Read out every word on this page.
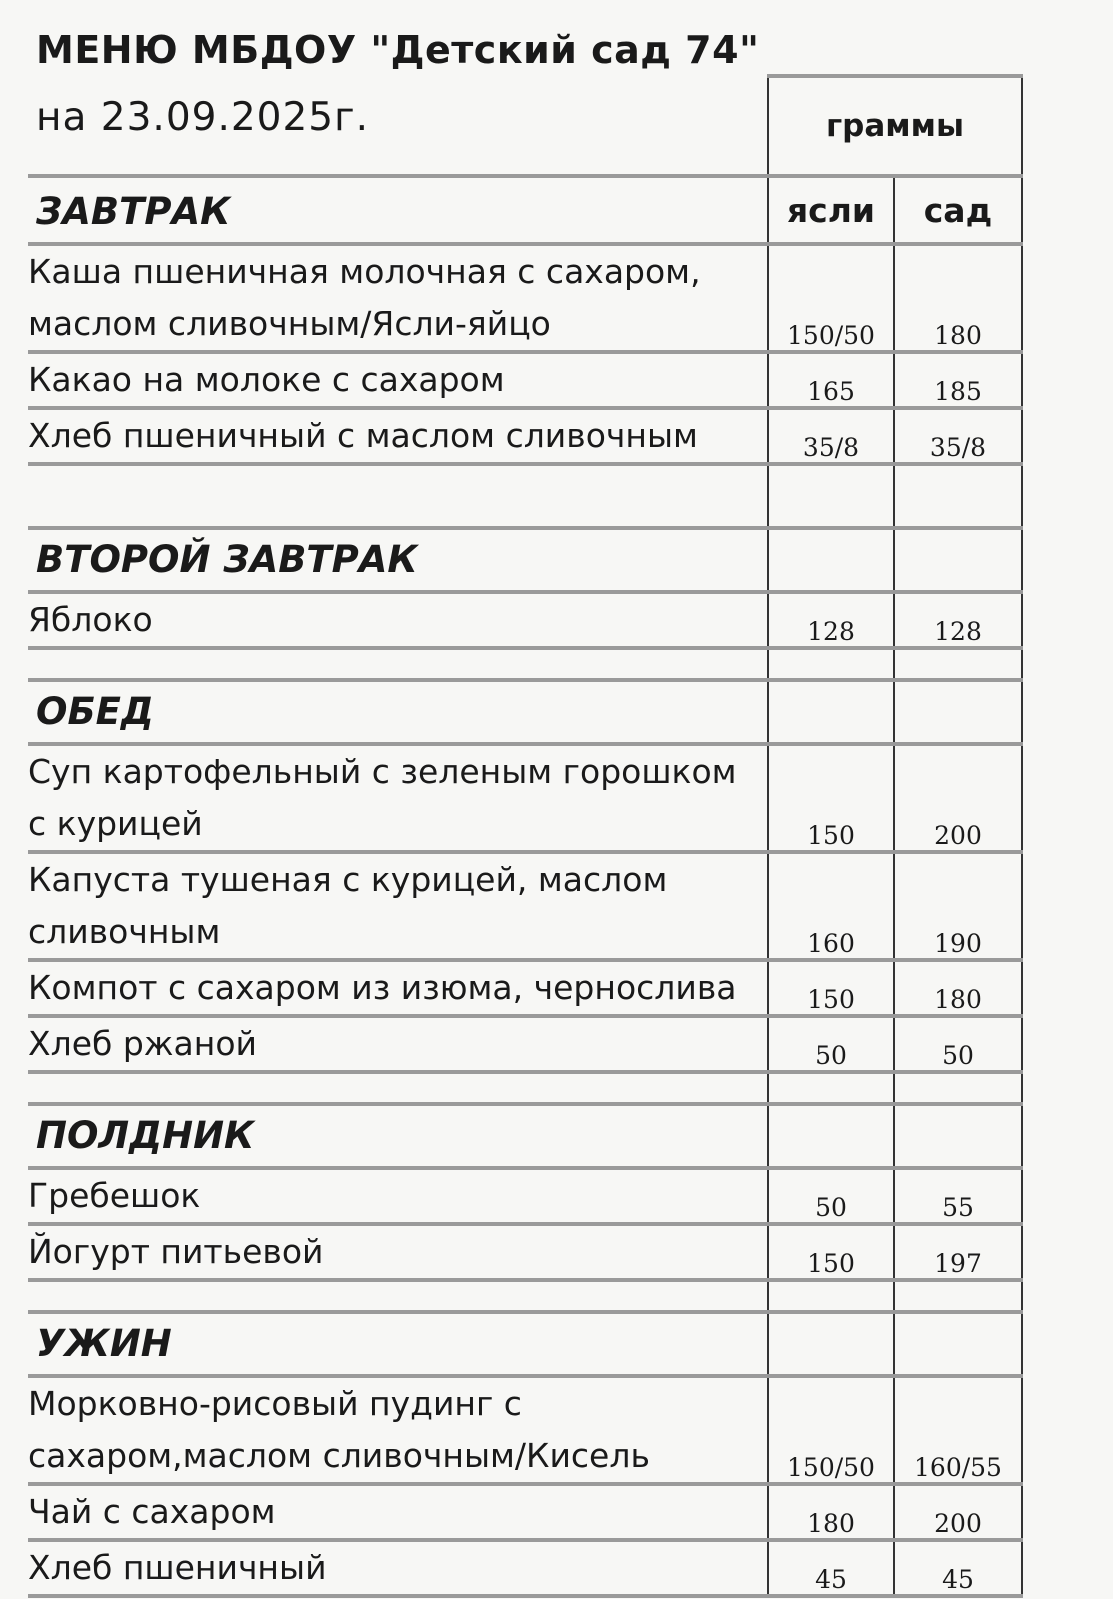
МЕНЮ МБДОУ "Детский сад 74"
на 23.09.2025г.
		граммы	
ЗАВТРАК	ясли	сад

Каша пшеничная молочная с сахаром,
маслом сливочным/Ясли-яйцо	150/50	180
Какао на молоке с сахаром	165	185
Хлеб пшеничный с маслом сливочным	35/8	35/8

ВТОРОЙ ЗАВТРАК		
Яблоко	128	128

ОБЕД		

Суп картофельный с зеленым горошком
с курицей	150	200

Капуста тушеная с курицей, маслом
сливочным	160	190
Компот с сахаром из изюма, чернослива	150	180
Хлеб ржаной	50	50

ПОЛДНИК		
Гребешок	50	55
Йогурт питьевой	150	197

УЖИН		

Морковно-рисовый пудинг с
сахаром,маслом сливочным/Кисель	150/50	160/55
Чай с сахаром	180	200
Хлеб пшеничный	45	45
